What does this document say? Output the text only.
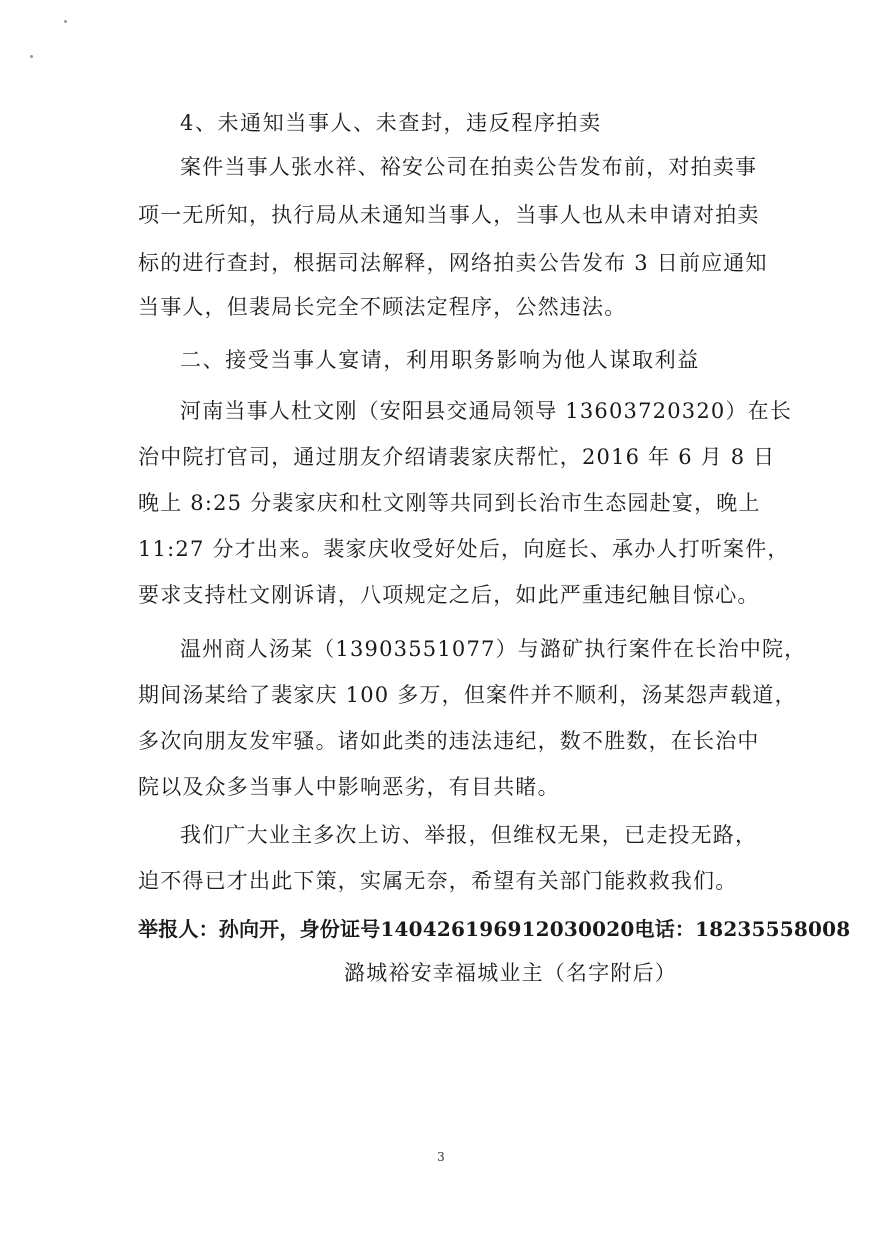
4、未通知当事人、未查封，违反程序拍卖
案件当事人张水祥、裕安公司在拍卖公告发布前，对拍卖事
项一无所知，执行局从未通知当事人，当事人也从未申请对拍卖
标的进行查封，根据司法解释，网络拍卖公告发布 3 日前应通知
当事人，但裴局长完全不顾法定程序，公然违法。
二、接受当事人宴请，利用职务影响为他人谋取利益
河南当事人杜文刚（安阳县交通局领导 13603720320）在长
治中院打官司，通过朋友介绍请裴家庆帮忙，2016 年 6 月 8 日
晚上 8:25 分裴家庆和杜文刚等共同到长治市生态园赴宴，晚上
11:27 分才出来。裴家庆收受好处后，向庭长、承办人打听案件，
要求支持杜文刚诉请，八项规定之后，如此严重违纪触目惊心。
温州商人汤某（13903551077）与潞矿执行案件在长治中院，
期间汤某给了裴家庆 100 多万，但案件并不顺利，汤某怨声载道，
多次向朋友发牢骚。诸如此类的违法违纪，数不胜数，在长治中
院以及众多当事人中影响恶劣，有目共睹。
我们广大业主多次上访、举报，但维权无果，已走投无路，
迫不得已才出此下策，实属无奈，希望有关部门能救救我们。
举报人：孙向开，身份证号140426196912030020电话：18235558008
潞城裕安幸福城业主（名字附后）
3
